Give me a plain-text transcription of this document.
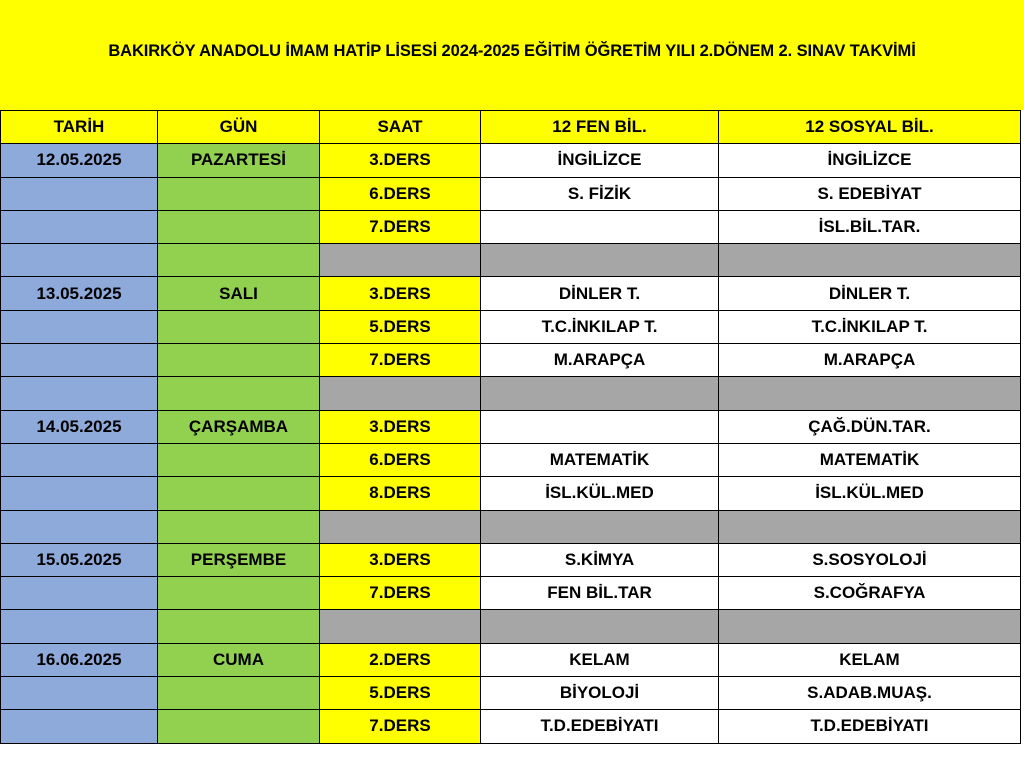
BAKIRKÖY ANADOLU İMAM HATİP LİSESİ 2024-2025 EĞİTİM ÖĞRETİM YILI 2.DÖNEM 2. SINAV TAKVİMİ
TARİH	GÜN	SAAT	12 FEN BİL.	12 SOSYAL BİL.
12.05.2025	PAZARTESİ	3.DERS	İNGİLİZCE	İNGİLİZCE
		6.DERS	S. FİZİK	S. EDEBİYAT
		7.DERS		İSL.BİL.TAR.

13.05.2025	SALI	3.DERS	DİNLER T.	DİNLER T.
		5.DERS	T.C.İNKILAP T.	T.C.İNKILAP T.
		7.DERS	M.ARAPÇA	M.ARAPÇA

14.05.2025	ÇARŞAMBA	3.DERS		ÇAĞ.DÜN.TAR.
		6.DERS	MATEMATİK	MATEMATİK
		8.DERS	İSL.KÜL.MED	İSL.KÜL.MED

15.05.2025	PERŞEMBE	3.DERS	S.KİMYA	S.SOSYOLOJİ
		7.DERS	FEN BİL.TAR	S.COĞRAFYA

16.06.2025	CUMA	2.DERS	KELAM	KELAM
		5.DERS	BİYOLOJİ	S.ADAB.MUAŞ.
		7.DERS	T.D.EDEBİYATI	T.D.EDEBİYATI
